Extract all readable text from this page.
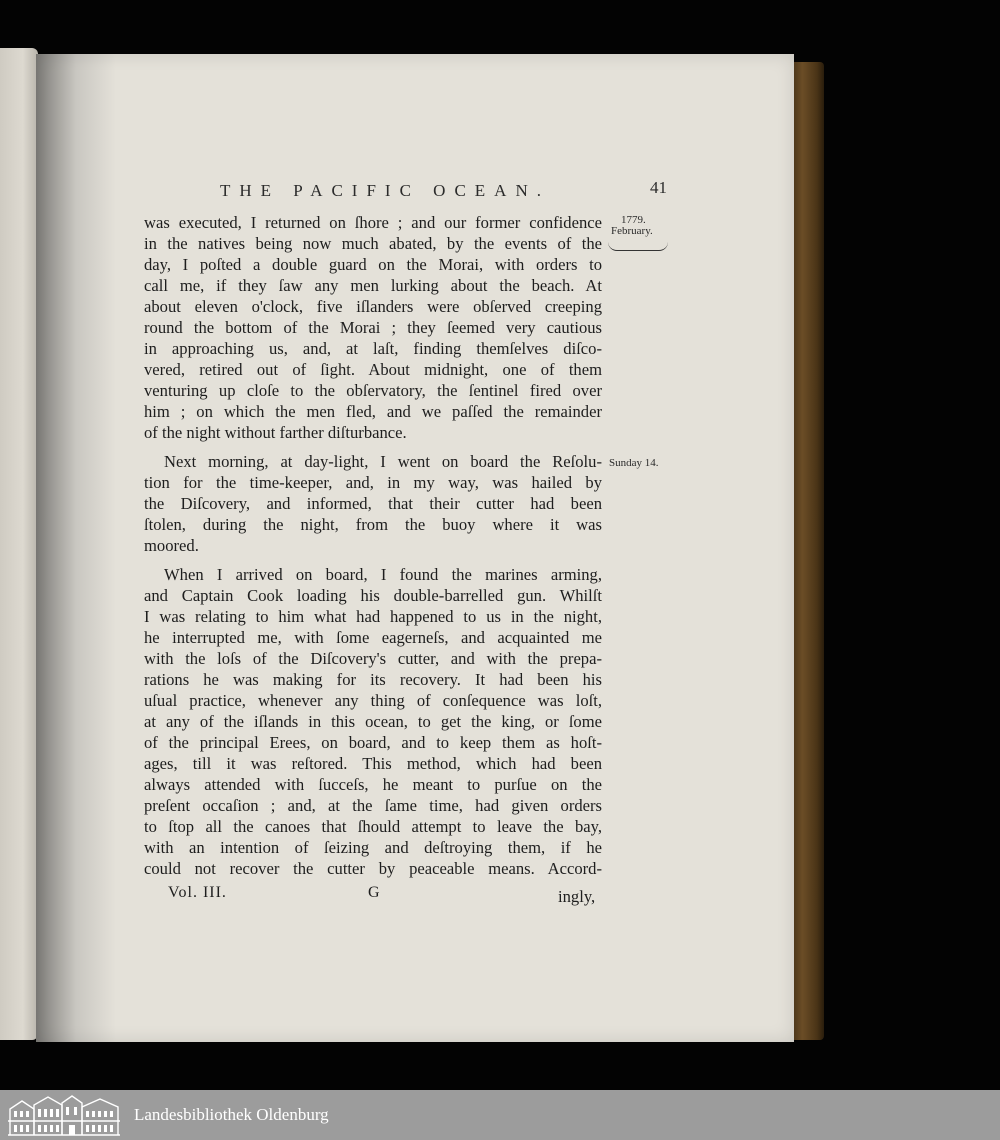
THE PACIFIC OCEAN.	41
1779.
February.
Sunday 14.

was executed, I returned on ſhore ; and our former confidence
in the natives being now much abated, by the events of the
day, I poſted a double guard on the Morai, with orders to
call me, if they ſaw any men lurking about the beach. At
about eleven o'clock, five iſlanders were obſerved creeping
round the bottom of the Morai ; they ſeemed very cautious
in approaching us, and, at laſt, finding themſelves diſco-
vered, retired out of ſight. About midnight, one of them
venturing up cloſe to the obſervatory, the ſentinel fired over
him ; on which the men fled, and we paſſed the remainder
of the night without farther diſturbance.

Next morning, at day-light, I went on board the Reſolu-
tion for the time-keeper, and, in my way, was hailed by
the Diſcovery, and informed, that their cutter had been
ſtolen, during the night, from the buoy where it was
moored.

When I arrived on board, I found the marines arming,
and Captain Cook loading his double-barrelled gun. Whilſt
I was relating to him what had happened to us in the night,
he interrupted me, with ſome eagerneſs, and acquainted me
with the loſs of the Diſcovery's cutter, and with the prepa-
rations he was making for its recovery. It had been his
uſual practice, whenever any thing of conſequence was loſt,
at any of the iſlands in this ocean, to get the king, or ſome
of the principal Erees, on board, and to keep them as hoſt-
ages, till it was reſtored. This method, which had been
always attended with ſucceſs, he meant to purſue on the
preſent occaſion ; and, at the ſame time, had given orders
to ſtop all the canoes that ſhould attempt to leave the bay,
with an intention of ſeizing and deſtroying them, if he
could not recover the cutter by peaceable means. Accord-

Vol. III.	G	ingly,
Landesbibliothek Oldenburg
